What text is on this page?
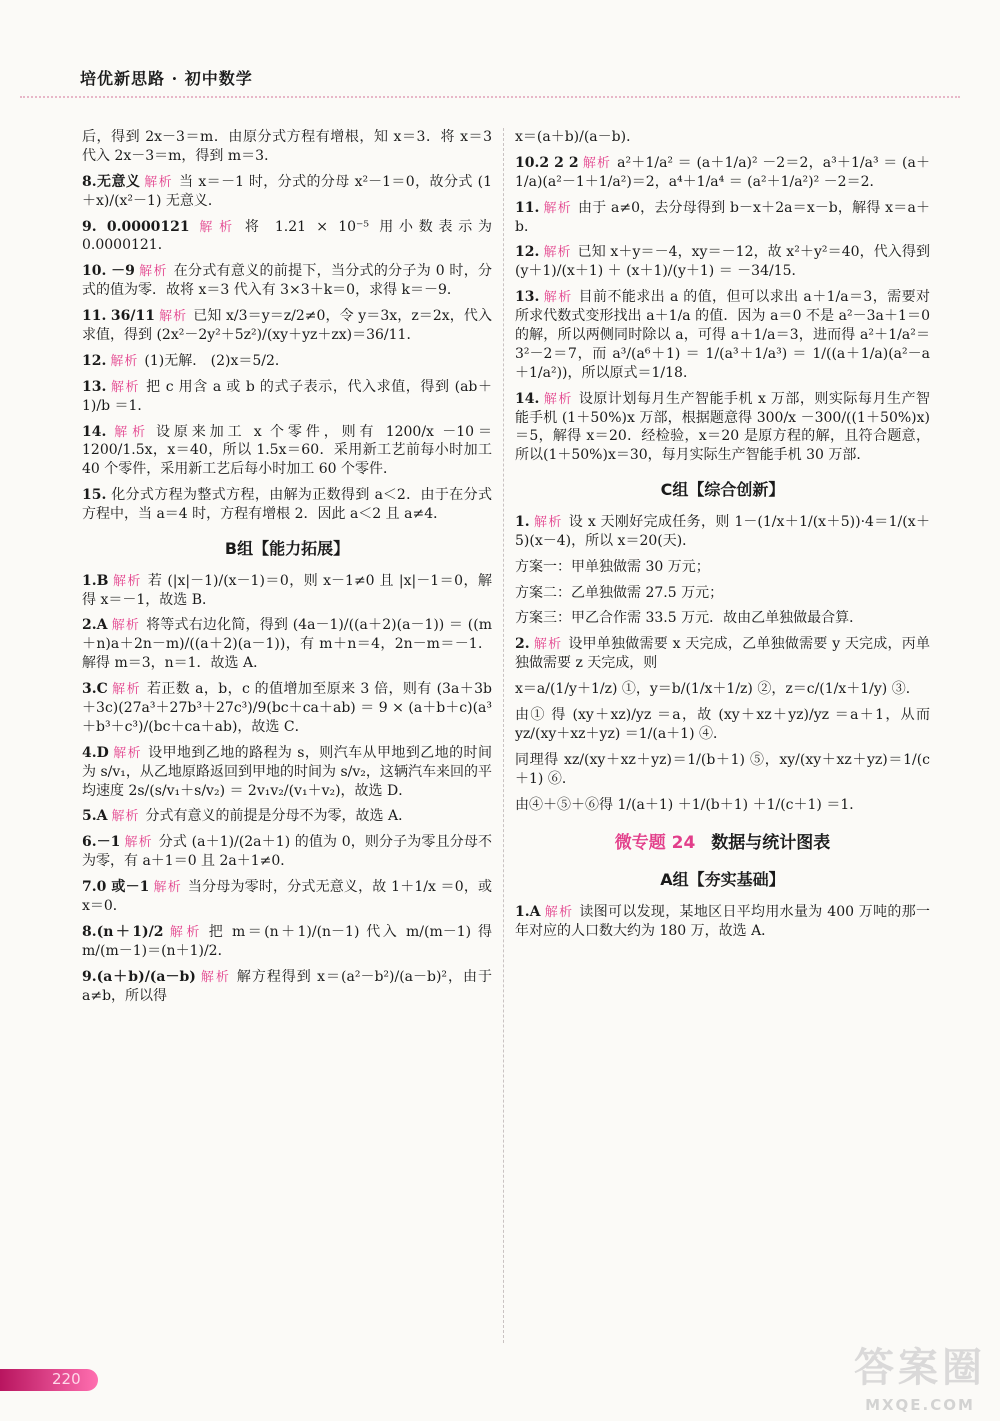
培优新思路 · 初中数学

后，得到 2x－3＝m．由原分式方程有增根，知 x＝3．将 x＝3 代入 2x－3＝m，得到 m＝3．

8.无意义 解析 当 x＝－1 时，分式的分母 x²－1＝0，故分式 (1＋x)/(x²－1) 无意义．

9. 0.0000121 解析 将 1.21 × 10⁻⁵ 用小数表示为 0.0000121．

10. －9 解析 在分式有意义的前提下，当分式的分子为 0 时，分式的值为零．故将 x＝3 代入有 3×3＋k＝0，求得 k＝－9．

11. 36/11 解析 已知 x/3＝y＝z/2≠0，令 y＝3x，z＝2x，代入求值，得到 (2x²－2y²＋5z²)/(xy＋yz＋zx)＝36/11．

12. 解析 (1)无解． (2)x＝5/2．

13. 解析 把 c 用含 a 或 b 的式子表示，代入求值，得到 (ab＋1)/b ＝1．

14. 解析 设原来加工 x 个零件，则有 1200/x －10＝1200/1.5x，x＝40，所以 1.5x＝60．采用新工艺前每小时加工 40 个零件，采用新工艺后每小时加工 60 个零件．

15. 化分式方程为整式方程，由解为正数得到 a＜2．由于在分式方程中，当 a＝4 时，方程有增根 2．因此 a＜2 且 a≠4．

B组【能力拓展】

1.B 解析 若 (|x|－1)/(x－1)＝0，则 x－1≠0 且 |x|－1＝0，解得 x＝－1，故选 B．

2.A 解析 将等式右边化简，得到 (4a－1)/((a＋2)(a－1)) ＝ ((m＋n)a＋2n－m)/((a＋2)(a－1))，有 m＋n＝4，2n－m＝－1．解得 m＝3，n＝1．故选 A．

3.C 解析 若正数 a，b，c 的值增加至原来 3 倍，则有 (3a＋3b＋3c)(27a³＋27b³＋27c³)/9(bc＋ca＋ab) ＝ 9 × (a＋b＋c)(a³＋b³＋c³)/(bc＋ca＋ab)，故选 C．

4.D 解析 设甲地到乙地的路程为 s，则汽车从甲地到乙地的时间为 s/v₁，从乙地原路返回到甲地的时间为 s/v₂，这辆汽车来回的平均速度 2s/(s/v₁＋s/v₂) ＝ 2v₁v₂/(v₁＋v₂)，故选 D．

5.A 解析 分式有意义的前提是分母不为零，故选 A．

6.－1 解析 分式 (a＋1)/(2a＋1) 的值为 0，则分子为零且分母不为零，有 a＋1＝0 且 2a＋1≠0．

7.0 或－1 解析 当分母为零时，分式无意义，故 1＋1/x ＝0，或 x＝0．

8.(n＋1)/2 解析 把 m＝(n＋1)/(n－1) 代入 m/(m－1) 得 m/(m－1)＝(n＋1)/2．

9.(a＋b)/(a－b) 解析 解方程得到 x＝(a²－b²)/(a－b)²，由于 a≠b，所以得

x＝(a＋b)/(a－b)．

10.2 2 2 解析 a²＋1/a² ＝ (a＋1/a)² －2＝2，a³＋1/a³ ＝ (a＋1/a)(a²－1＋1/a²)＝2，a⁴＋1/a⁴ ＝ (a²＋1/a²)² －2＝2．

11. 解析 由于 a≠0，去分母得到 b－x＋2a＝x－b，解得 x＝a＋b．

12. 解析 已知 x＋y＝－4，xy＝－12，故 x²＋y²＝40，代入得到 (y＋1)/(x＋1) ＋ (x＋1)/(y＋1) ＝ －34/15．

13. 解析 目前不能求出 a 的值，但可以求出 a＋1/a＝3，需要对所求代数式变形找出 a＋1/a 的值．因为 a＝0 不是 a²－3a＋1＝0 的解，所以两侧同时除以 a，可得 a＋1/a＝3，进而得 a²＋1/a²＝3²－2＝7，而 a³/(a⁶＋1) ＝ 1/(a³＋1/a³) ＝ 1/((a＋1/a)(a²－a＋1/a²))，所以原式＝1/18．

14. 解析 设原计划每月生产智能手机 x 万部，则实际每月生产智能手机 (1＋50%)x 万部，根据题意得 300/x －300/((1＋50%)x)＝5，解得 x＝20．经检验，x＝20 是原方程的解，且符合题意，所以(1＋50%)x＝30，每月实际生产智能手机 30 万部．

C组【综合创新】

1. 解析 设 x 天刚好完成任务，则 1－(1/x＋1/(x＋5))·4＝1/(x＋5)(x－4)，所以 x＝20(天)．

方案一：甲单独做需 30 万元；

方案二：乙单独做需 27.5 万元；

方案三：甲乙合作需 33.5 万元．故由乙单独做最合算．

2. 解析 设甲单独做需要 x 天完成，乙单独做需要 y 天完成，丙单独做需要 z 天完成，则

x＝a/(1/y＋1/z) ①，y＝b/(1/x＋1/z) ②，z＝c/(1/x＋1/y) ③．

由① 得 (xy＋xz)/yz ＝a，故 (xy＋xz＋yz)/yz ＝a＋1，从而 yz/(xy＋xz＋yz) ＝1/(a＋1) ④．

同理得 xz/(xy＋xz＋yz)＝1/(b＋1) ⑤，xy/(xy＋xz＋yz)＝1/(c＋1) ⑥．

由④＋⑤＋⑥得 1/(a＋1) ＋1/(b＋1) ＋1/(c＋1) ＝1．

微专题 24 数据与统计图表
A组【夯实基础】

1.A 解析 读图可以发现，某地区日平均用水量为 400 万吨的那一年对应的人口数大约为 180 万，故选 A．

220	答案圈
MXQE.COM
